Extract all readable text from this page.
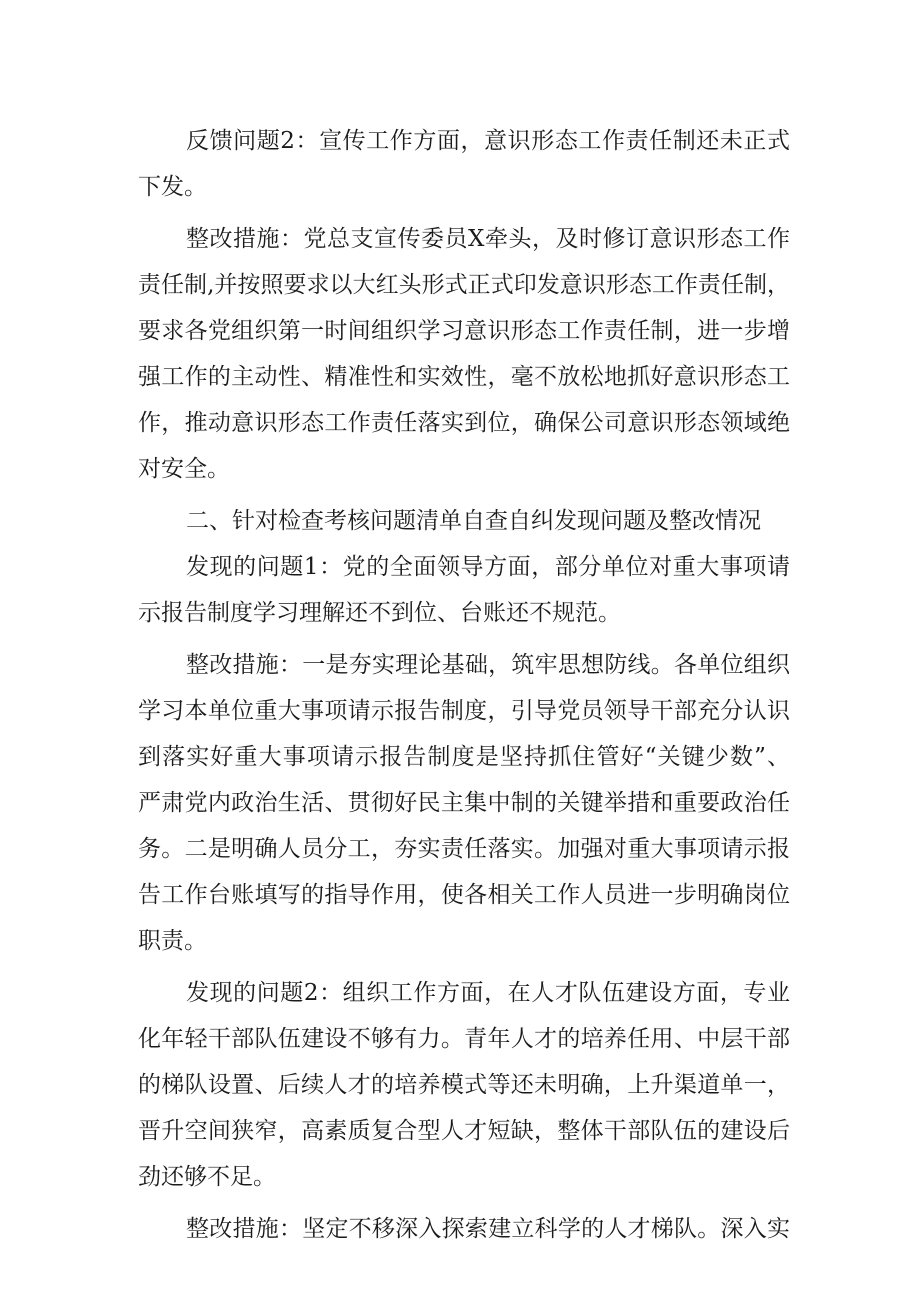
反馈问题2：宣传工作方面，意识形态工作责任制还未正式
下发。
整改措施：党总支宣传委员X牵头，及时修订意识形态工作
责任制,并按照要求以大红头形式正式印发意识形态工作责任制，
要求各党组织第一时间组织学习意识形态工作责任制，进一步增
强工作的主动性、精准性和实效性，毫不放松地抓好意识形态工
作，推动意识形态工作责任落实到位，确保公司意识形态领域绝
对安全。
二、针对检查考核问题清单自查自纠发现问题及整改情况
发现的问题1：党的全面领导方面，部分单位对重大事项请
示报告制度学习理解还不到位、台账还不规范。
整改措施：一是夯实理论基础，筑牢思想防线。各单位组织
学习本单位重大事项请示报告制度，引导党员领导干部充分认识
到落实好重大事项请示报告制度是坚持抓住管好“关键少数”、
严肃党内政治生活、贯彻好民主集中制的关键举措和重要政治任
务。二是明确人员分工，夯实责任落实。加强对重大事项请示报
告工作台账填写的指导作用，使各相关工作人员进一步明确岗位
职责。
发现的问题2：组织工作方面，在人才队伍建设方面，专业
化年轻干部队伍建设不够有力。青年人才的培养任用、中层干部
的梯队设置、后续人才的培养模式等还未明确，上升渠道单一，
晋升空间狭窄，高素质复合型人才短缺，整体干部队伍的建设后
劲还够不足。
整改措施：坚定不移深入探索建立科学的人才梯队。深入实
